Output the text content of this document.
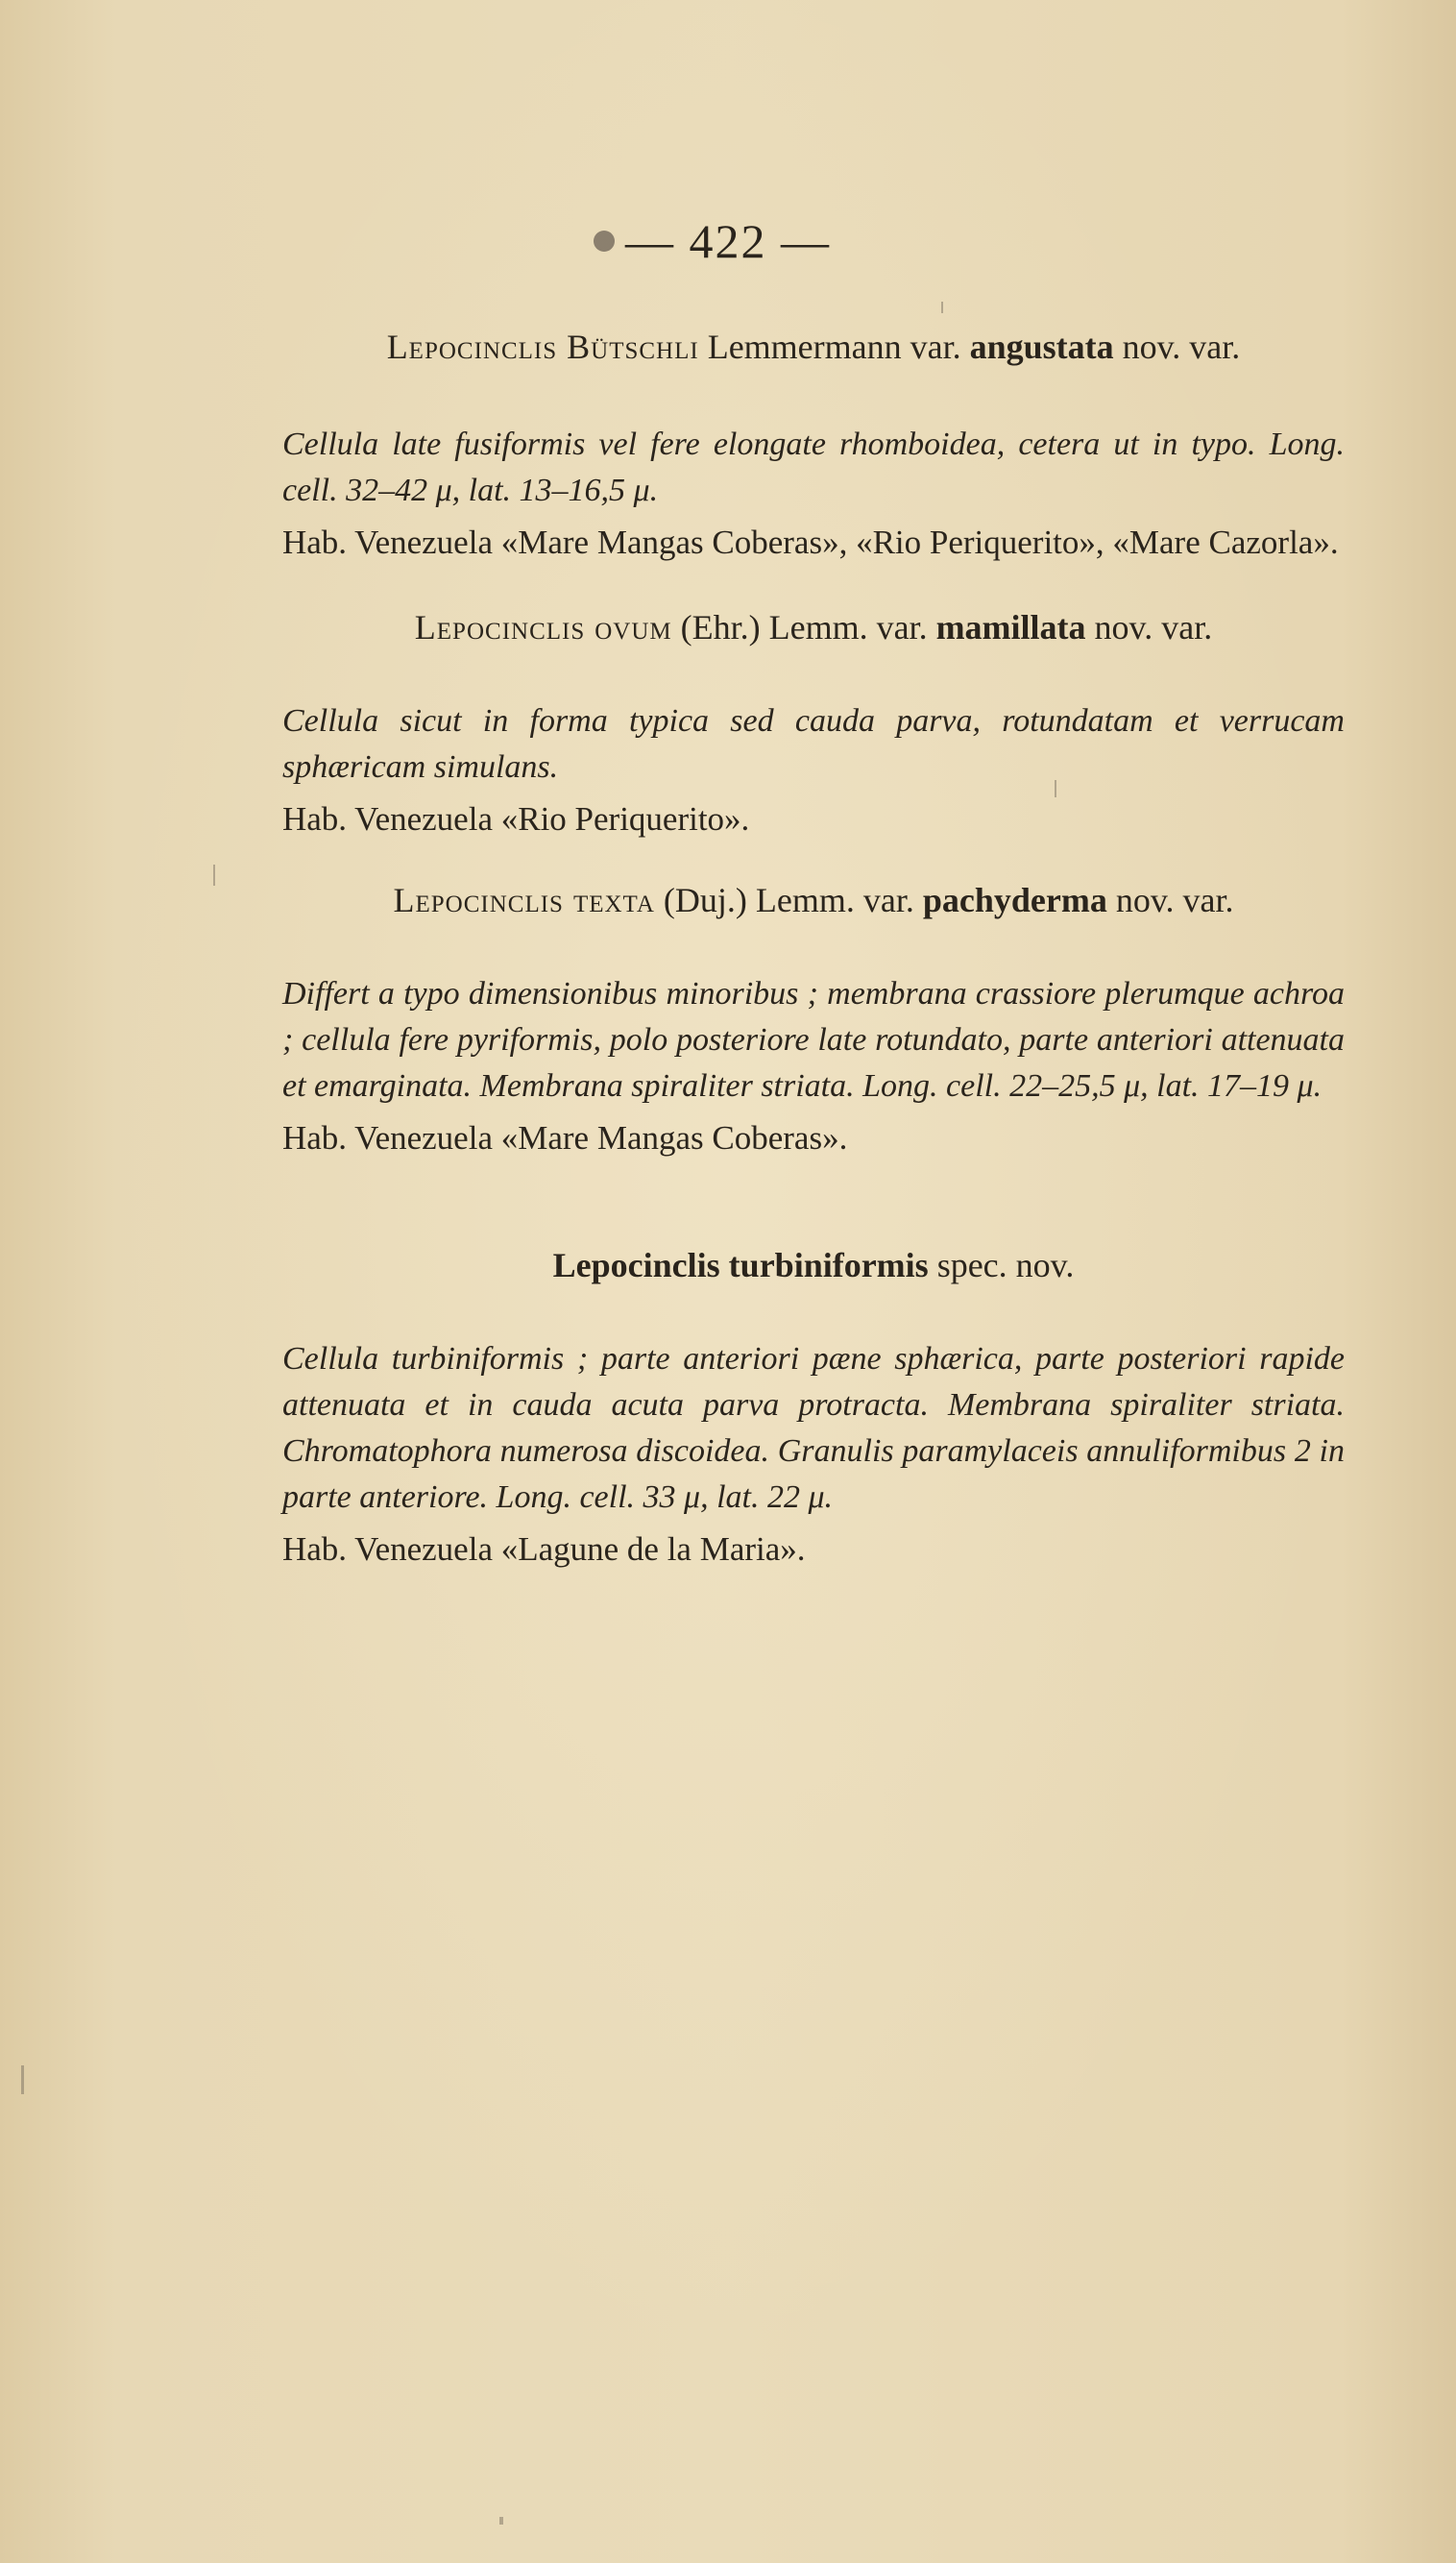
— 422 —
Lepocinclis Bütschli Lemmermann var. angustata nov. var.
Cellula late fusiformis vel fere elongate rhomboidea, cetera ut in typo. Long. cell. 32–42 μ, lat. 13–16,5 μ.
Hab. Venezuela «Mare Mangas Coberas», «Rio Periquerito», «Mare Cazorla».
Lepocinclis ovum (Ehr.) Lemm. var. mamillata nov. var.
Cellula sicut in forma typica sed cauda parva, rotundatam et verrucam sphæricam simulans.
Hab. Venezuela «Rio Periquerito».
Lepocinclis texta (Duj.) Lemm. var. pachyderma nov. var.
Differt a typo dimensionibus minoribus ; membrana crassiore plerumque achroa ; cellula fere pyriformis, polo posteriore late rotundato, parte anteriori attenuata et emarginata. Membrana spiraliter striata. Long. cell. 22–25,5 μ, lat. 17–19 μ.
Hab. Venezuela «Mare Mangas Coberas».
Lepocinclis turbiniformis spec. nov.
Cellula turbiniformis ; parte anteriori pæne sphærica, parte posteriori rapide attenuata et in cauda acuta parva protracta. Membrana spiraliter striata. Chromatophora numerosa discoidea. Granulis paramylaceis annuliformibus 2 in parte anteriore. Long. cell. 33 μ, lat. 22 μ.
Hab. Venezuela «Lagune de la Maria».
